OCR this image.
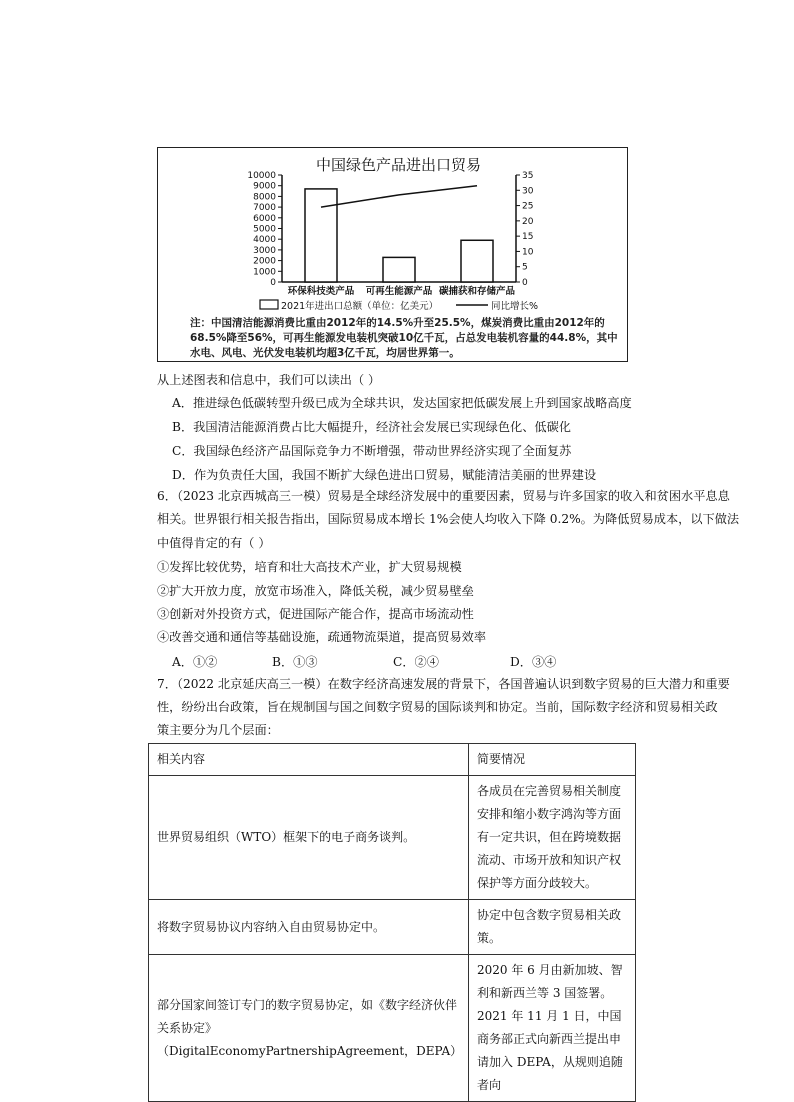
中国绿色产品进出口贸易
10000
9000
8000
7000
6000
5000
4000
3000
2000
1000
0
35
30
25
20
15
10
5
0
环保科技类产品 可再生能源产品 碳捕获和存储产品
2021年进出口总额（单位：亿美元）	同比增长%
注：中国清洁能源消费比重由2012年的14.5%升至25.5%，煤炭消费比重由2012年的68.5%降至56%，可再生能源发电装机突破10亿千瓦，占总发电装机容量的44.8%，其中水电、风电、光伏发电装机均超3亿千瓦，均居世界第一。
从上述图表和信息中，我们可以读出（ ）
A．推进绿色低碳转型升级已成为全球共识，发达国家把低碳发展上升到国家战略高度
B．我国清洁能源消费占比大幅提升，经济社会发展已实现绿色化、低碳化
C．我国绿色经济产品国际竞争力不断增强，带动世界经济实现了全面复苏
D．作为负责任大国，我国不断扩大绿色进出口贸易，赋能清洁美丽的世界建设
6．（2023 北京西城高三一模）贸易是全球经济发展中的重要因素，贸易与许多国家的收入和贫困水平息息
相关。世界银行相关报告指出，国际贸易成本增长 1%会使人均收入下降 0.2%。为降低贸易成本，以下做法
中值得肯定的有（ ）
①发挥比较优势，培育和壮大高技术产业，扩大贸易规模
②扩大开放力度，放宽市场准入，降低关税，减少贸易壁垒
③创新对外投资方式，促进国际产能合作，提高市场流动性
④改善交通和通信等基础设施，疏通物流渠道，提高贸易效率
A．①②	B．①③	C．②④	D．③④
7．（2022 北京延庆高三一模）在数字经济高速发展的背景下，各国普遍认识到数字贸易的巨大潜力和重要
性，纷纷出台政策，旨在规制国与国之间数字贸易的国际谈判和协定。当前，国际数字经济和贸易相关政
策主要分为几个层面：
相关内容	简要情况
世界贸易组织（WTO）框架下的电子商务谈判。	各成员在完善贸易相关制度安排和缩小数字鸿沟等方面有一定共识，但在跨境数据流动、市场开放和知识产权保护等方面分歧较大。
将数字贸易协议内容纳入自由贸易协定中。	协定中包含数字贸易相关政策。
部分国家间签订专门的数字贸易协定，如《数字经济伙伴关系协定》（DigitalEconomyPartnershipAgreement，DEPA）	2020 年 6 月由新加坡、智利和新西兰等 3 国签署。2021 年 11 月 1 日，中国商务部正式向新西兰提出申请加入 DEPA，从规则追随者向
